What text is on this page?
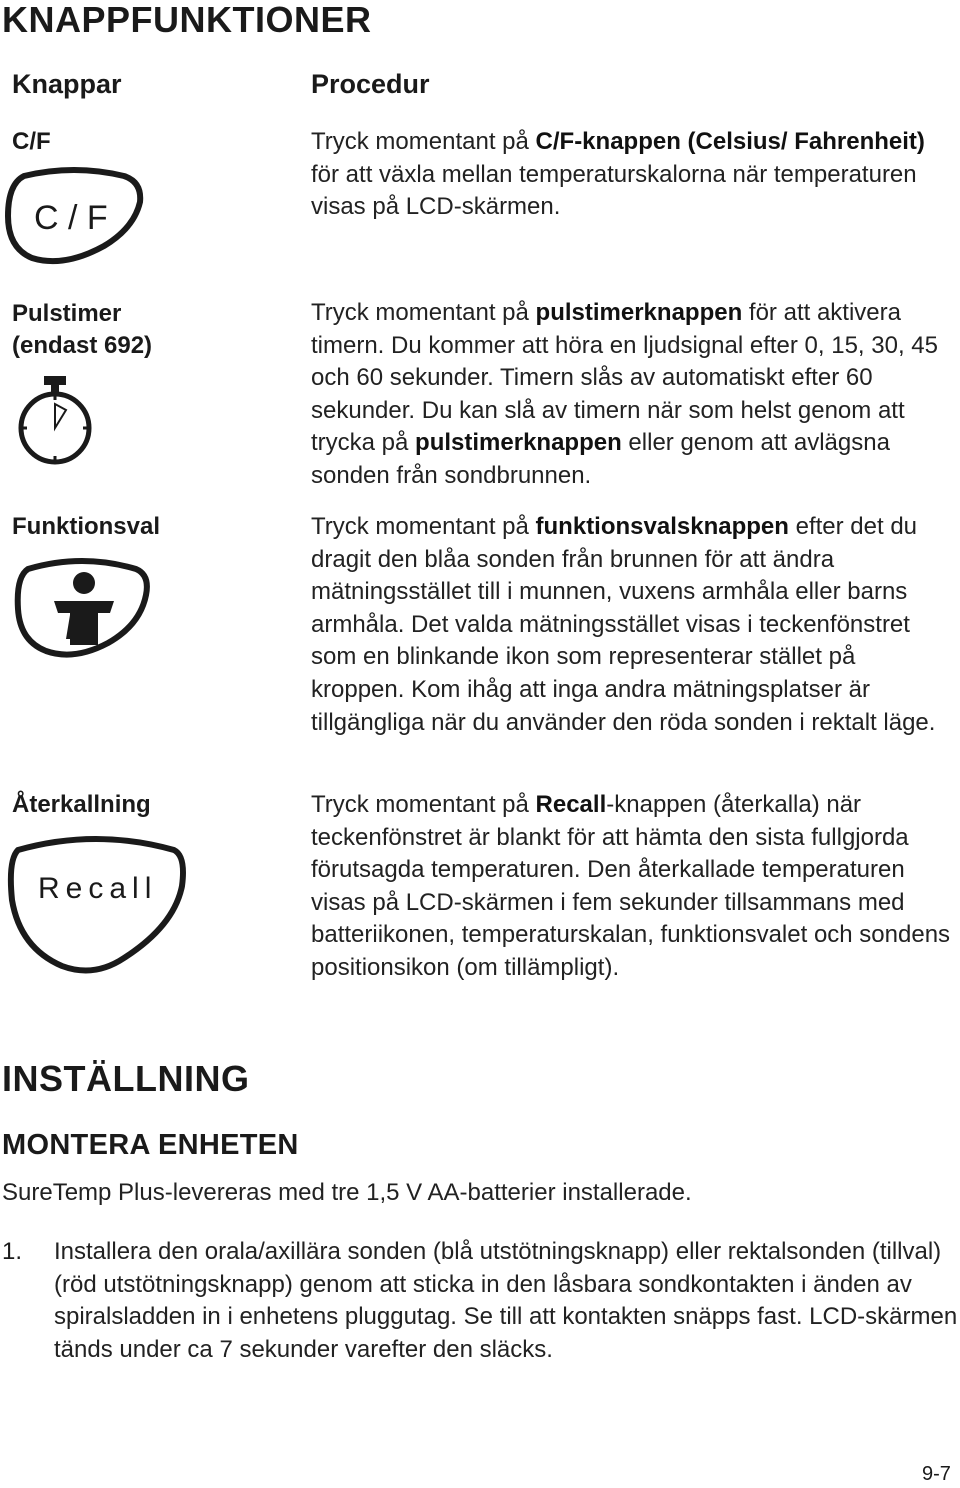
KNAPPFUNKTIONER
Knappar	Procedur
C/F
C / F
Tryck momentant på C/F-knappen (Celsius/ Fahrenheit) för att växla mellan temperaturskalorna när temperaturen visas på LCD-skärmen.
Pulstimer (endast 692)
Tryck momentant på pulstimerknappen för att aktivera timern. Du kommer att höra en ljudsignal efter 0, 15, 30, 45 och 60 sekunder. Timern slås av automatiskt efter 60 sekunder. Du kan slå av timern när som helst genom att trycka på pulstimerknappen eller genom att avlägsna sonden från sondbrunnen.
Funktionsval	Tryck momentant på funktionsvalsknappen efter det du dragit den blåa sonden från brunnen för att ändra mätningsstället till i munnen, vuxens armhåla eller barns armhåla. Det valda mätningsstället visas i teckenfönstret som en blinkande ikon som representerar stället på kroppen. Kom ihåg att inga andra mätningsplatser är tillgängliga när du använder den röda sonden i rektalt läge.
Återkallning
Recall
Tryck momentant på Recall-knappen (återkalla) när teckenfönstret är blankt för att hämta den sista fullgjorda förutsagda temperaturen. Den återkallade temperaturen visas på LCD-skärmen i fem sekunder tillsammans med batteriikonen, temperaturskalan, funktionsvalet och sondens positionsikon (om tillämpligt).
INSTÄLLNING
MONTERA ENHETEN
SureTemp Plus-levereras med tre 1,5 V AA-batterier installerade.
1. Installera den orala/axillära sonden (blå utstötningsknapp) eller rektalsonden (tillval) (röd utstötningsknapp) genom att sticka in den låsbara sondkontakten i änden av spiralsladden in i enhetens pluggutag. Se till att kontakten snäpps fast. LCD-skärmen tänds under ca 7 sekunder varefter den släcks.
9-7
